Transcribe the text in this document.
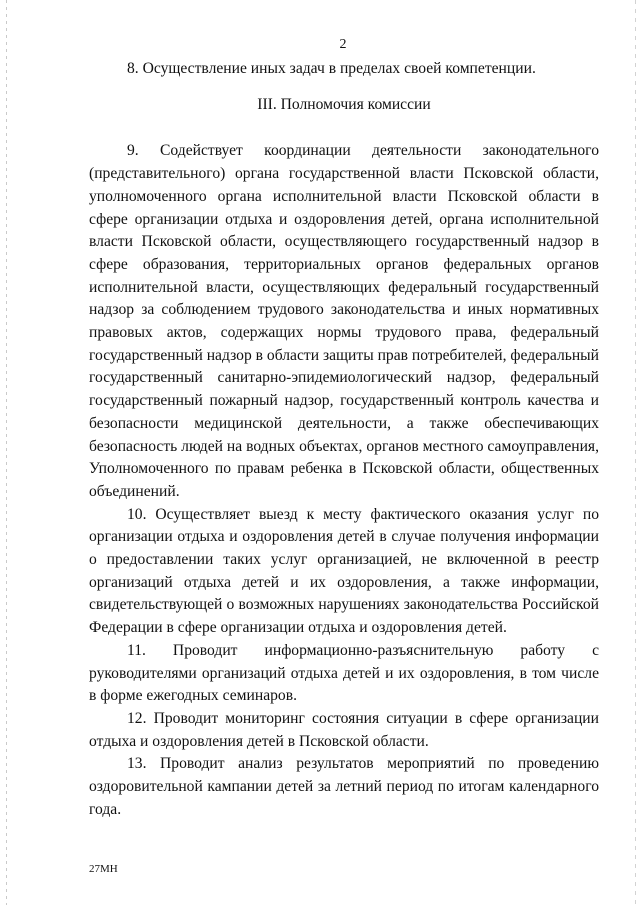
2

8. Осуществление иных задач в пределах своей компетенции.

III. Полномочия комиссии

9. Содействует координации деятельности законодательного (представительного) органа государственной власти Псковской области, уполномоченного органа исполнительной власти Псковской области в сфере организации отдыха и оздоровления детей, органа исполнительной власти Псковской области, осуществляющего государственный надзор в сфере образования, территориальных органов федеральных органов исполнительной власти, осуществляющих федеральный государственный надзор за соблюдением трудового законодательства и иных нормативных правовых актов, содержащих нормы трудового права, федеральный государственный надзор в области защиты прав потребителей, федеральный государственный санитарно-эпидемиологический надзор, федеральный государственный пожарный надзор, государственный контроль качества и безопасности медицинской деятельности, а также обеспечивающих безопасность людей на водных объектах, органов местного самоуправления, Уполномоченного по правам ребенка в Псковской области, общественных объединений.

10. Осуществляет выезд к месту фактического оказания услуг по организации отдыха и оздоровления детей в случае получения информации о предоставлении таких услуг организацией, не включенной в реестр организаций отдыха детей и их оздоровления, а также информации, свидетельствующей о возможных нарушениях законодательства Российской Федерации в сфере организации отдыха и оздоровления детей.

11. Проводит информационно-разъяснительную работу с руководителями организаций отдыха детей и их оздоровления, в том числе в форме ежегодных семинаров.

12. Проводит мониторинг состояния ситуации в сфере организации отдыха и оздоровления детей в Псковской области.

13. Проводит анализ результатов мероприятий по проведению оздоровительной кампании детей за летний период по итогам календарного года.

27МН
